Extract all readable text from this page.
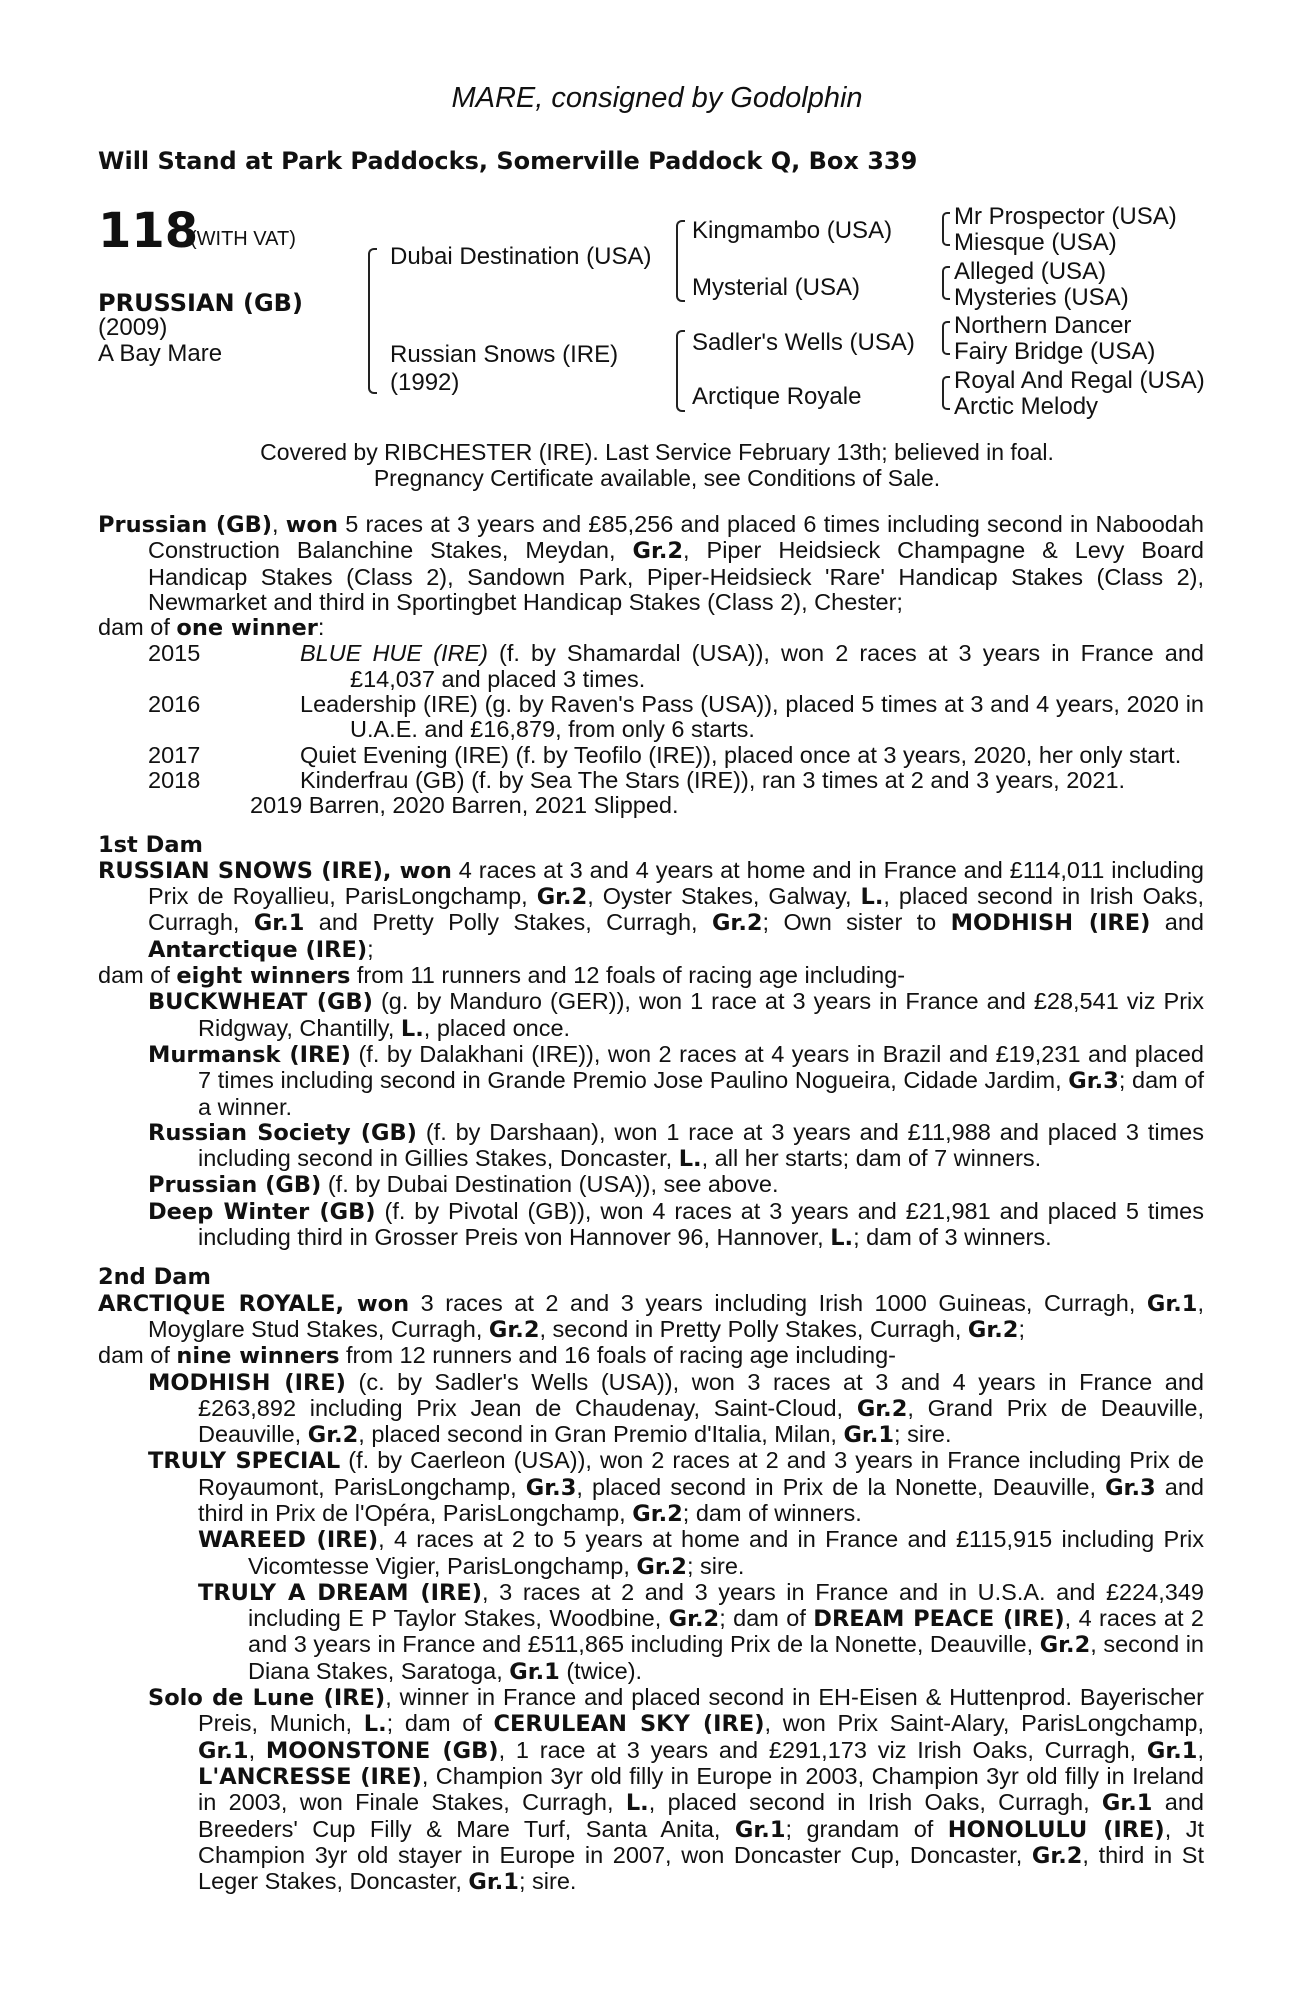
MARE, consigned by Godolphin
Will Stand at Park Paddocks, Somerville Paddock Q, Box 339
118
(WITH VAT)
PRUSSIAN (GB)
(2009)
A Bay Mare
Dubai Destination (USA)
Russian Snows (IRE)
(1992)
Kingmambo (USA)
Mysterial (USA)
Sadler's Wells (USA)
Arctique Royale
Mr Prospector (USA)
Miesque (USA)
Alleged (USA)
Mysteries (USA)
Northern Dancer
Fairy Bridge (USA)
Royal And Regal (USA)
Arctic Melody
Covered by RIBCHESTER (IRE). Last Service February 13th; believed in foal.
Pregnancy Certificate available, see Conditions of Sale.

Prussian (GB), won 5 races at 3 years and £85,256 and placed 6 times including second in Naboodah Construction Balanchine Stakes, Meydan, Gr.2, Piper Heidsieck Champagne & Levy Board Handicap Stakes (Class 2), Sandown Park, Piper-Heidsieck 'Rare' Handicap Stakes (Class 2), Newmarket and third in Sportingbet Handicap Stakes (Class 2), Chester;

dam of one winner:

2015	BLUE HUE (IRE) (f. by Shamardal (USA)), won 2 races at 3 years in France and £14,037 and placed 3 times.
2016	Leadership (IRE) (g. by Raven's Pass (USA)), placed 5 times at 3 and 4 years, 2020 in U.A.E. and £16,879, from only 6 starts.
2017	Quiet Evening (IRE) (f. by Teofilo (IRE)), placed once at 3 years, 2020, her only start.
2018	Kinderfrau (GB) (f. by Sea The Stars (IRE)), ran 3 times at 2 and 3 years, 2021.

2019 Barren, 2020 Barren, 2021 Slipped.

1st Dam

RUSSIAN SNOWS (IRE), won 4 races at 3 and 4 years at home and in France and £114,011 including Prix de Royallieu, ParisLongchamp, Gr.2, Oyster Stakes, Galway, L., placed second in Irish Oaks, Curragh, Gr.1 and Pretty Polly Stakes, Curragh, Gr.2; Own sister to MODHISH (IRE) and Antarctique (IRE);

dam of eight winners from 11 runners and 12 foals of racing age including-

BUCKWHEAT (GB) (g. by Manduro (GER)), won 1 race at 3 years in France and £28,541 viz Prix Ridgway, Chantilly, L., placed once.

Murmansk (IRE) (f. by Dalakhani (IRE)), won 2 races at 4 years in Brazil and £19,231 and placed 7 times including second in Grande Premio Jose Paulino Nogueira, Cidade Jardim, Gr.3; dam of a winner.

Russian Society (GB) (f. by Darshaan), won 1 race at 3 years and £11,988 and placed 3 times including second in Gillies Stakes, Doncaster, L., all her starts; dam of 7 winners.

Prussian (GB) (f. by Dubai Destination (USA)), see above.

Deep Winter (GB) (f. by Pivotal (GB)), won 4 races at 3 years and £21,981 and placed 5 times including third in Grosser Preis von Hannover 96, Hannover, L.; dam of 3 winners.

2nd Dam

ARCTIQUE ROYALE, won 3 races at 2 and 3 years including Irish 1000 Guineas, Curragh, Gr.1, Moyglare Stud Stakes, Curragh, Gr.2, second in Pretty Polly Stakes, Curragh, Gr.2;

dam of nine winners from 12 runners and 16 foals of racing age including-

MODHISH (IRE) (c. by Sadler's Wells (USA)), won 3 races at 3 and 4 years in France and £263,892 including Prix Jean de Chaudenay, Saint-Cloud, Gr.2, Grand Prix de Deauville, Deauville, Gr.2, placed second in Gran Premio d'Italia, Milan, Gr.1; sire.

TRULY SPECIAL (f. by Caerleon (USA)), won 2 races at 2 and 3 years in France including Prix de Royaumont, ParisLongchamp, Gr.3, placed second in Prix de la Nonette, Deauville, Gr.3 and third in Prix de l'Opéra, ParisLongchamp, Gr.2; dam of winners.

WAREED (IRE), 4 races at 2 to 5 years at home and in France and £115,915 including Prix Vicomtesse Vigier, ParisLongchamp, Gr.2; sire.

TRULY A DREAM (IRE), 3 races at 2 and 3 years in France and in U.S.A. and £224,349 including E P Taylor Stakes, Woodbine, Gr.2; dam of DREAM PEACE (IRE), 4 races at 2 and 3 years in France and £511,865 including Prix de la Nonette, Deauville, Gr.2, second in Diana Stakes, Saratoga, Gr.1 (twice).

Solo de Lune (IRE), winner in France and placed second in EH-Eisen & Huttenprod. Bayerischer Preis, Munich, L.; dam of CERULEAN SKY (IRE), won Prix Saint-Alary, ParisLongchamp, Gr.1, MOONSTONE (GB), 1 race at 3 years and £291,173 viz Irish Oaks, Curragh, Gr.1, L'ANCRESSE (IRE), Champion 3yr old filly in Europe in 2003, Champion 3yr old filly in Ireland in 2003, won Finale Stakes, Curragh, L., placed second in Irish Oaks, Curragh, Gr.1 and Breeders' Cup Filly & Mare Turf, Santa Anita, Gr.1; grandam of HONOLULU (IRE), Jt Champion 3yr old stayer in Europe in 2007, won Doncaster Cup, Doncaster, Gr.2, third in St Leger Stakes, Doncaster, Gr.1; sire.
